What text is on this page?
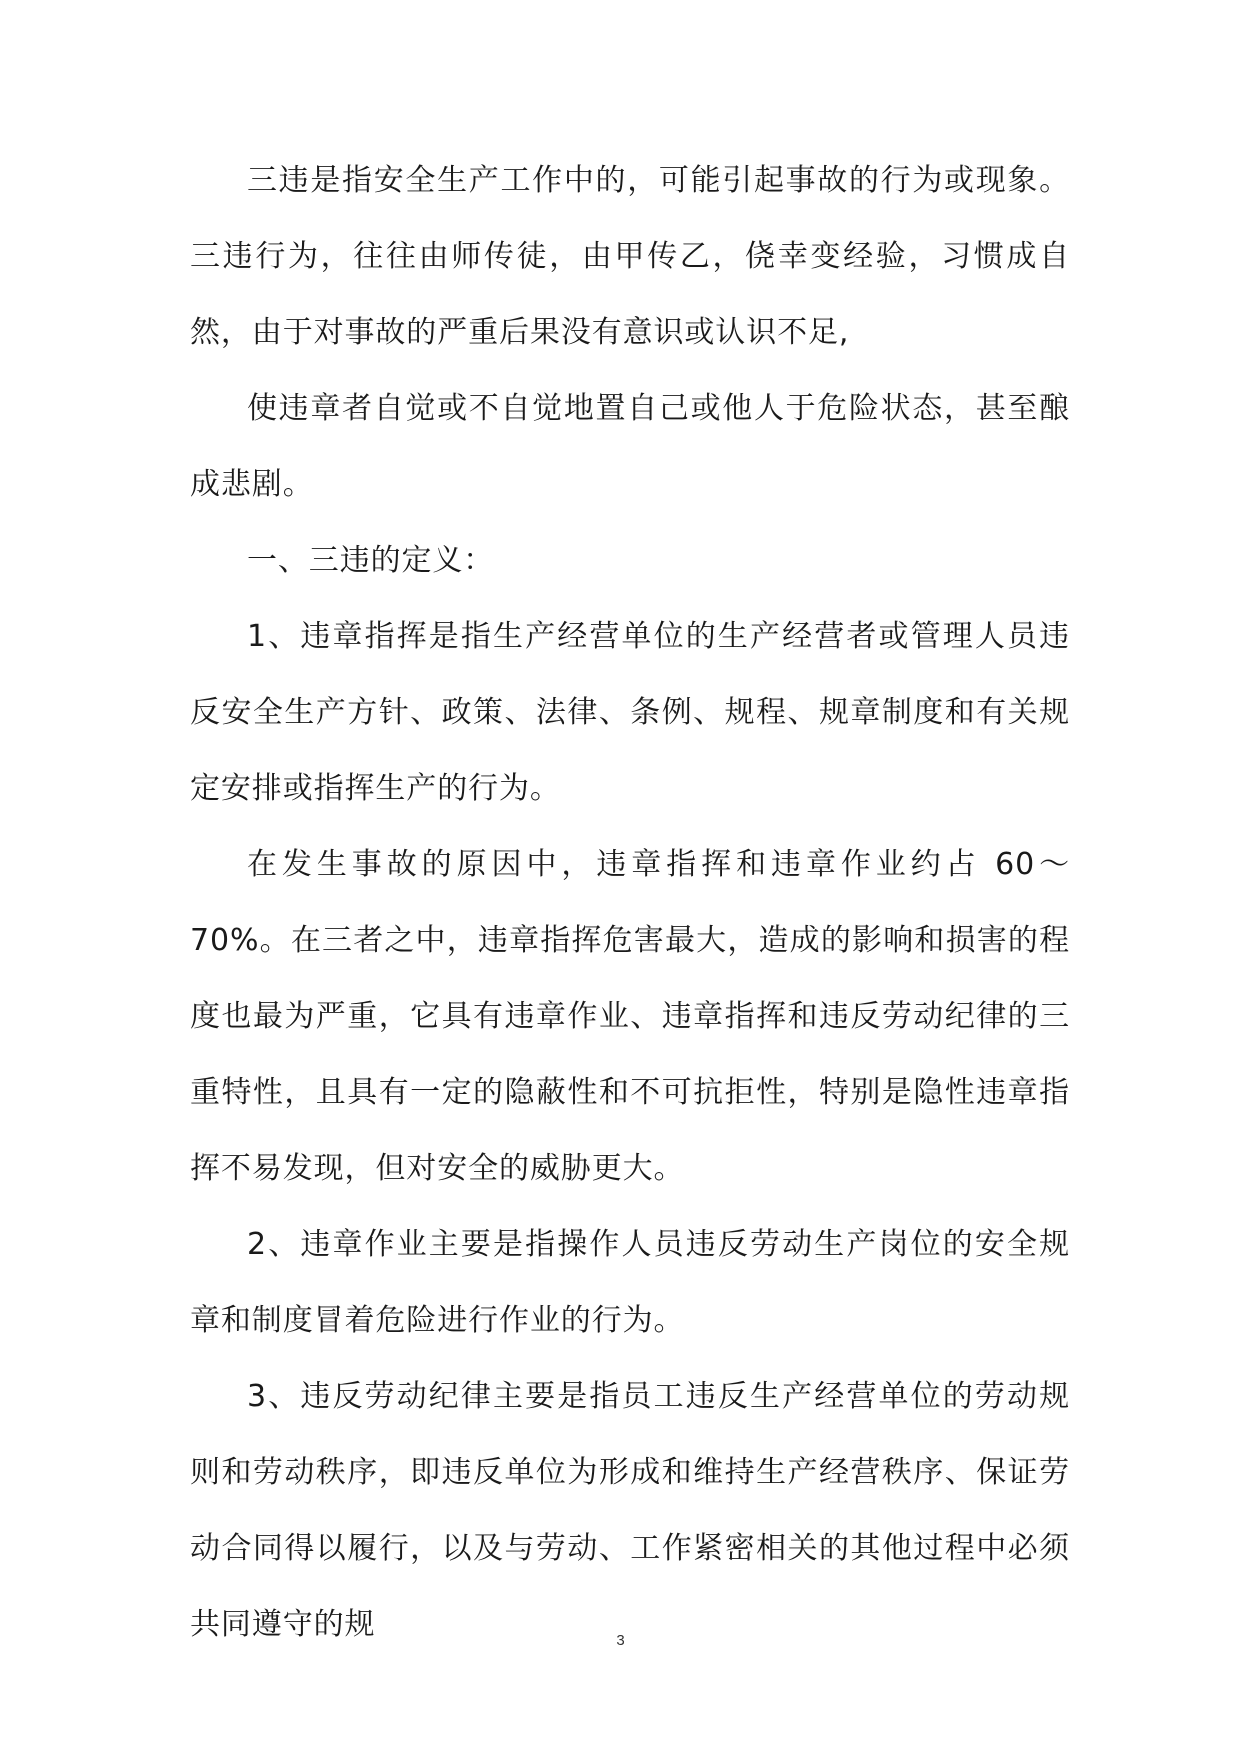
三违是指安全生产工作中的，可能引起事故的行为或现象。三违行为，往往由师传徒，由甲传乙，侥幸变经验，习惯成自然，由于对事故的严重后果没有意识或认识不足,

使违章者自觉或不自觉地置自己或他人于危险状态，甚至酿成悲剧。

一、三违的定义：

1、违章指挥是指生产经营单位的生产经营者或管理人员违反安全生产方针、政策、法律、条例、规程、规章制度和有关规定安排或指挥生产的行为。

在发生事故的原因中，违章指挥和违章作业约占 60～70%。在三者之中，违章指挥危害最大，造成的影响和损害的程度也最为严重，它具有违章作业、违章指挥和违反劳动纪律的三重特性，且具有一定的隐蔽性和不可抗拒性，特别是隐性违章指挥不易发现，但对安全的威胁更大。

2、违章作业主要是指操作人员违反劳动生产岗位的安全规章和制度冒着危险进行作业的行为。

3、违反劳动纪律主要是指员工违反生产经营单位的劳动规则和劳动秩序，即违反单位为形成和维持生产经营秩序、保证劳动合同得以履行，以及与劳动、工作紧密相关的其他过程中必须共同遵守的规	3
